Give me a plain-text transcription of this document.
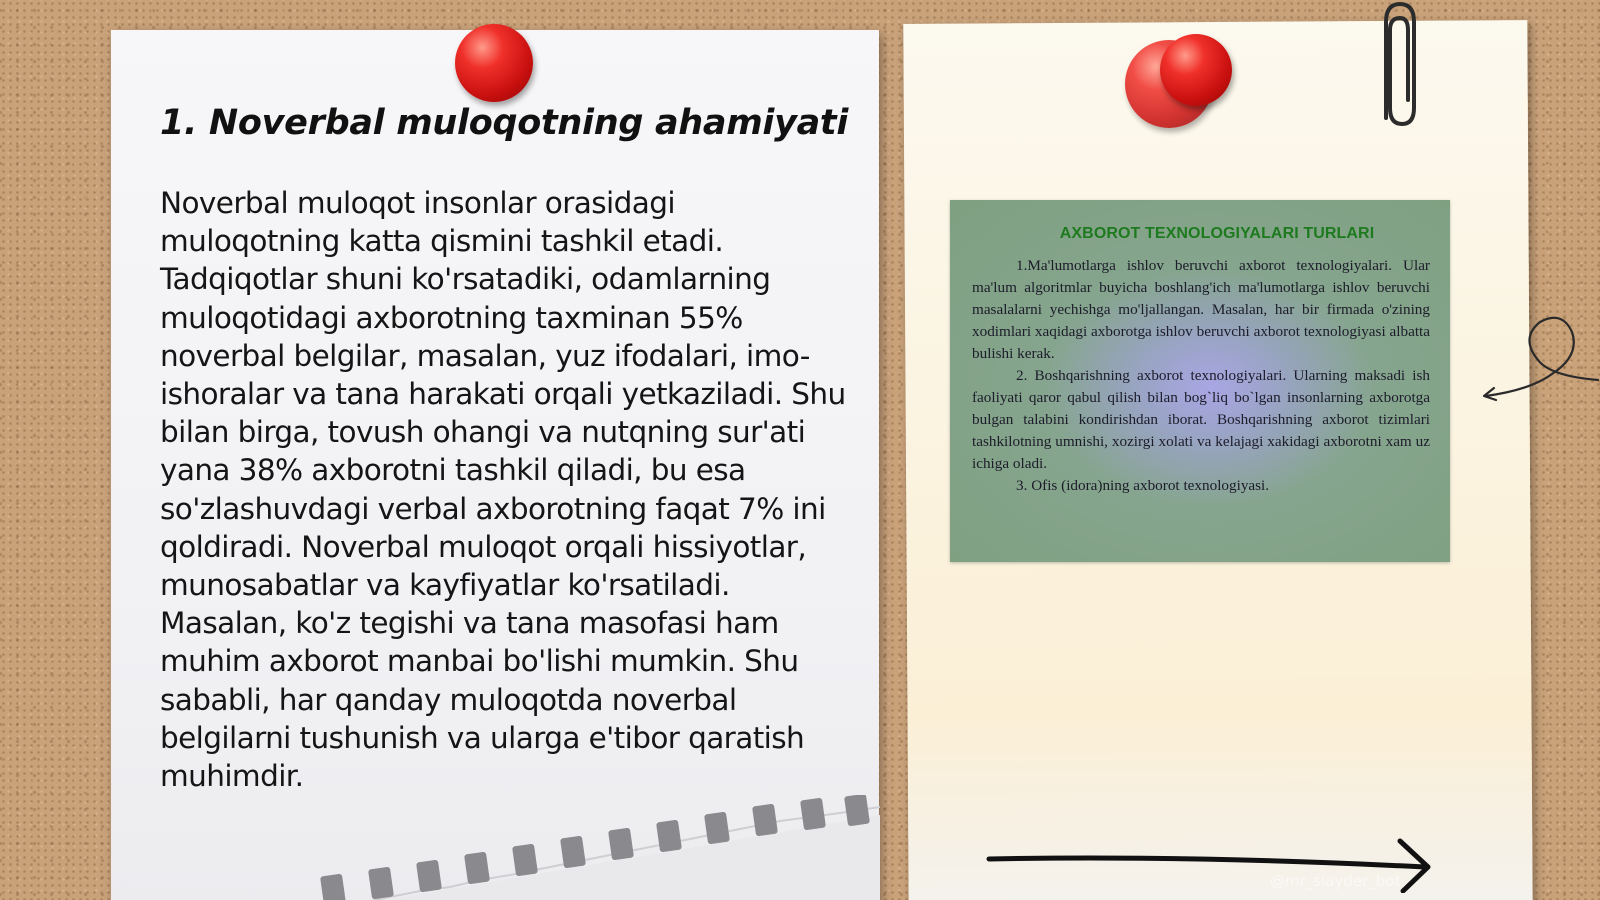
1. Noverbal muloqotning ahamiyati

Noverbal muloqot insonlar orasidagi muloqotning katta qismini tashkil etadi. Tadqiqotlar shuni ko'rsatadiki, odamlarning muloqotidagi axborotning taxminan 55% noverbal belgilar, masalan, yuz ifodalari, imo-ishoralar va tana harakati orqali yetkaziladi. Shu bilan birga, tovush ohangi va nutqning sur'ati yana 38% axborotni tashkil qiladi, bu esa so'zlashuvdagi verbal axborotning faqat 7% ini qoldiradi. Noverbal muloqot orqali hissiyotlar, munosabatlar va kayfiyatlar ko'rsatiladi. Masalan, ko'z tegishi va tana masofasi ham muhim axborot manbai bo'lishi mumkin. Shu sababli, har qanday muloqotda noverbal belgilarni tushunish va ularga e'tibor qaratish muhimdir.

AXBOROT TEXNOLOGIYALARI TURLARI

1.Ma'lumotlarga ishlov beruvchi axborot texnologiyalari. Ular ma'lum algoritmlar buyicha boshlang'ich ma'lumotlarga ishlov beruvchi masalalarni yechishga mo'ljallangan. Masalan, har bir firmada o'zining xodimlari xaqidagi axborotga ishlov beruvchi axborot texnologiyasi albatta bulishi kerak.

2. Boshqarishning axborot texnologiyalari. Ularning maksadi ish faoliyati qaror qabul qilish bilan bog`liq bo`lgan insonlarning axborotga bulgan talabini kondirishdan iborat. Boshqarishning axborot tizimlari tashkilotning umnishi, xozirgi xolati va kelajagi xakidagi axborotni xam uz ichiga oladi.

3. Ofis (idora)ning axborot texnologiyasi.

@mr_slayder_bot
